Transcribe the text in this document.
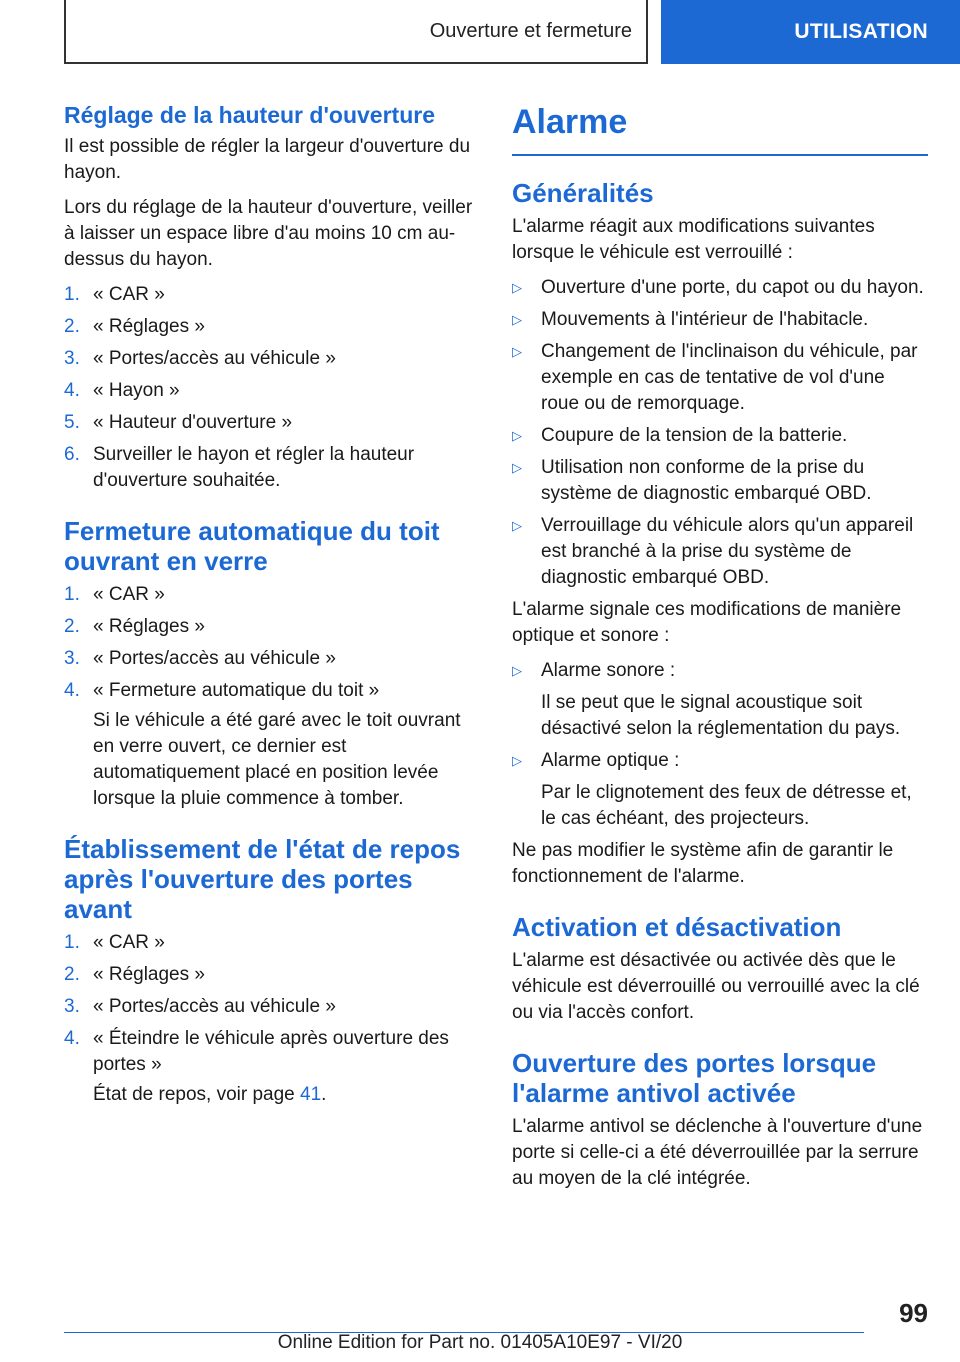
Ouverture et fermeture	UTILISATION
Réglage de la hauteur d'ouverture

Il est possible de régler la largeur d'ouverture du hayon.

Lors du réglage de la hauteur d'ouverture, veiller à laisser un espace libre d'au moins 10 cm au-dessus du hayon.

1. « CAR »
2. « Réglages »
3. « Portes/accès au véhicule »
4. « Hayon »
5. « Hauteur d'ouverture »
6. Surveiller le hayon et régler la hauteur d'ouverture souhaitée.
Fermeture automatique du toit ouvrant en verre
1. « CAR »
2. « Réglages »
3. « Portes/accès au véhicule »
4. « Fermeture automatique du toit »
Si le véhicule a été garé avec le toit ouvrant en verre ouvert, ce dernier est automatiquement placé en position levée lorsque la pluie commence à tomber.
Établissement de l'état de repos après l'ouverture des portes avant
1. « CAR »
2. « Réglages »
3. « Portes/accès au véhicule »
4. « Éteindre le véhicule après ouverture des portes »
État de repos, voir page 41.
Alarme
Généralités

L'alarme réagit aux modifications suivantes lorsque le véhicule est verrouillé :

▷	Ouverture d'une porte, du capot ou du hayon.
▷	Mouvements à l'intérieur de l'habitacle.
▷	Changement de l'inclinaison du véhicule, par exemple en cas de tentative de vol d'une roue ou de remorquage.
▷	Coupure de la tension de la batterie.
▷	Utilisation non conforme de la prise du système de diagnostic embarqué OBD.
▷	Verrouillage du véhicule alors qu'un appareil est branché à la prise du système de diagnostic embarqué OBD.

L'alarme signale ces modifications de manière optique et sonore :

▷	Alarme sonore :
Il se peut que le signal acoustique soit désactivé selon la réglementation du pays.
▷	Alarme optique :
Par le clignotement des feux de détresse et, le cas échéant, des projecteurs.

Ne pas modifier le système afin de garantir le fonctionnement de l'alarme.

Activation et désactivation

L'alarme est désactivée ou activée dès que le véhicule est déverrouillé ou verrouillé avec la clé ou via l'accès confort.

Ouverture des portes lorsque l'alarme antivol activée

L'alarme antivol se déclenche à l'ouverture d'une porte si celle-ci a été déverrouillée par la serrure au moyen de la clé intégrée.

99
Online Edition for Part no. 01405A10E97 - VI/20
